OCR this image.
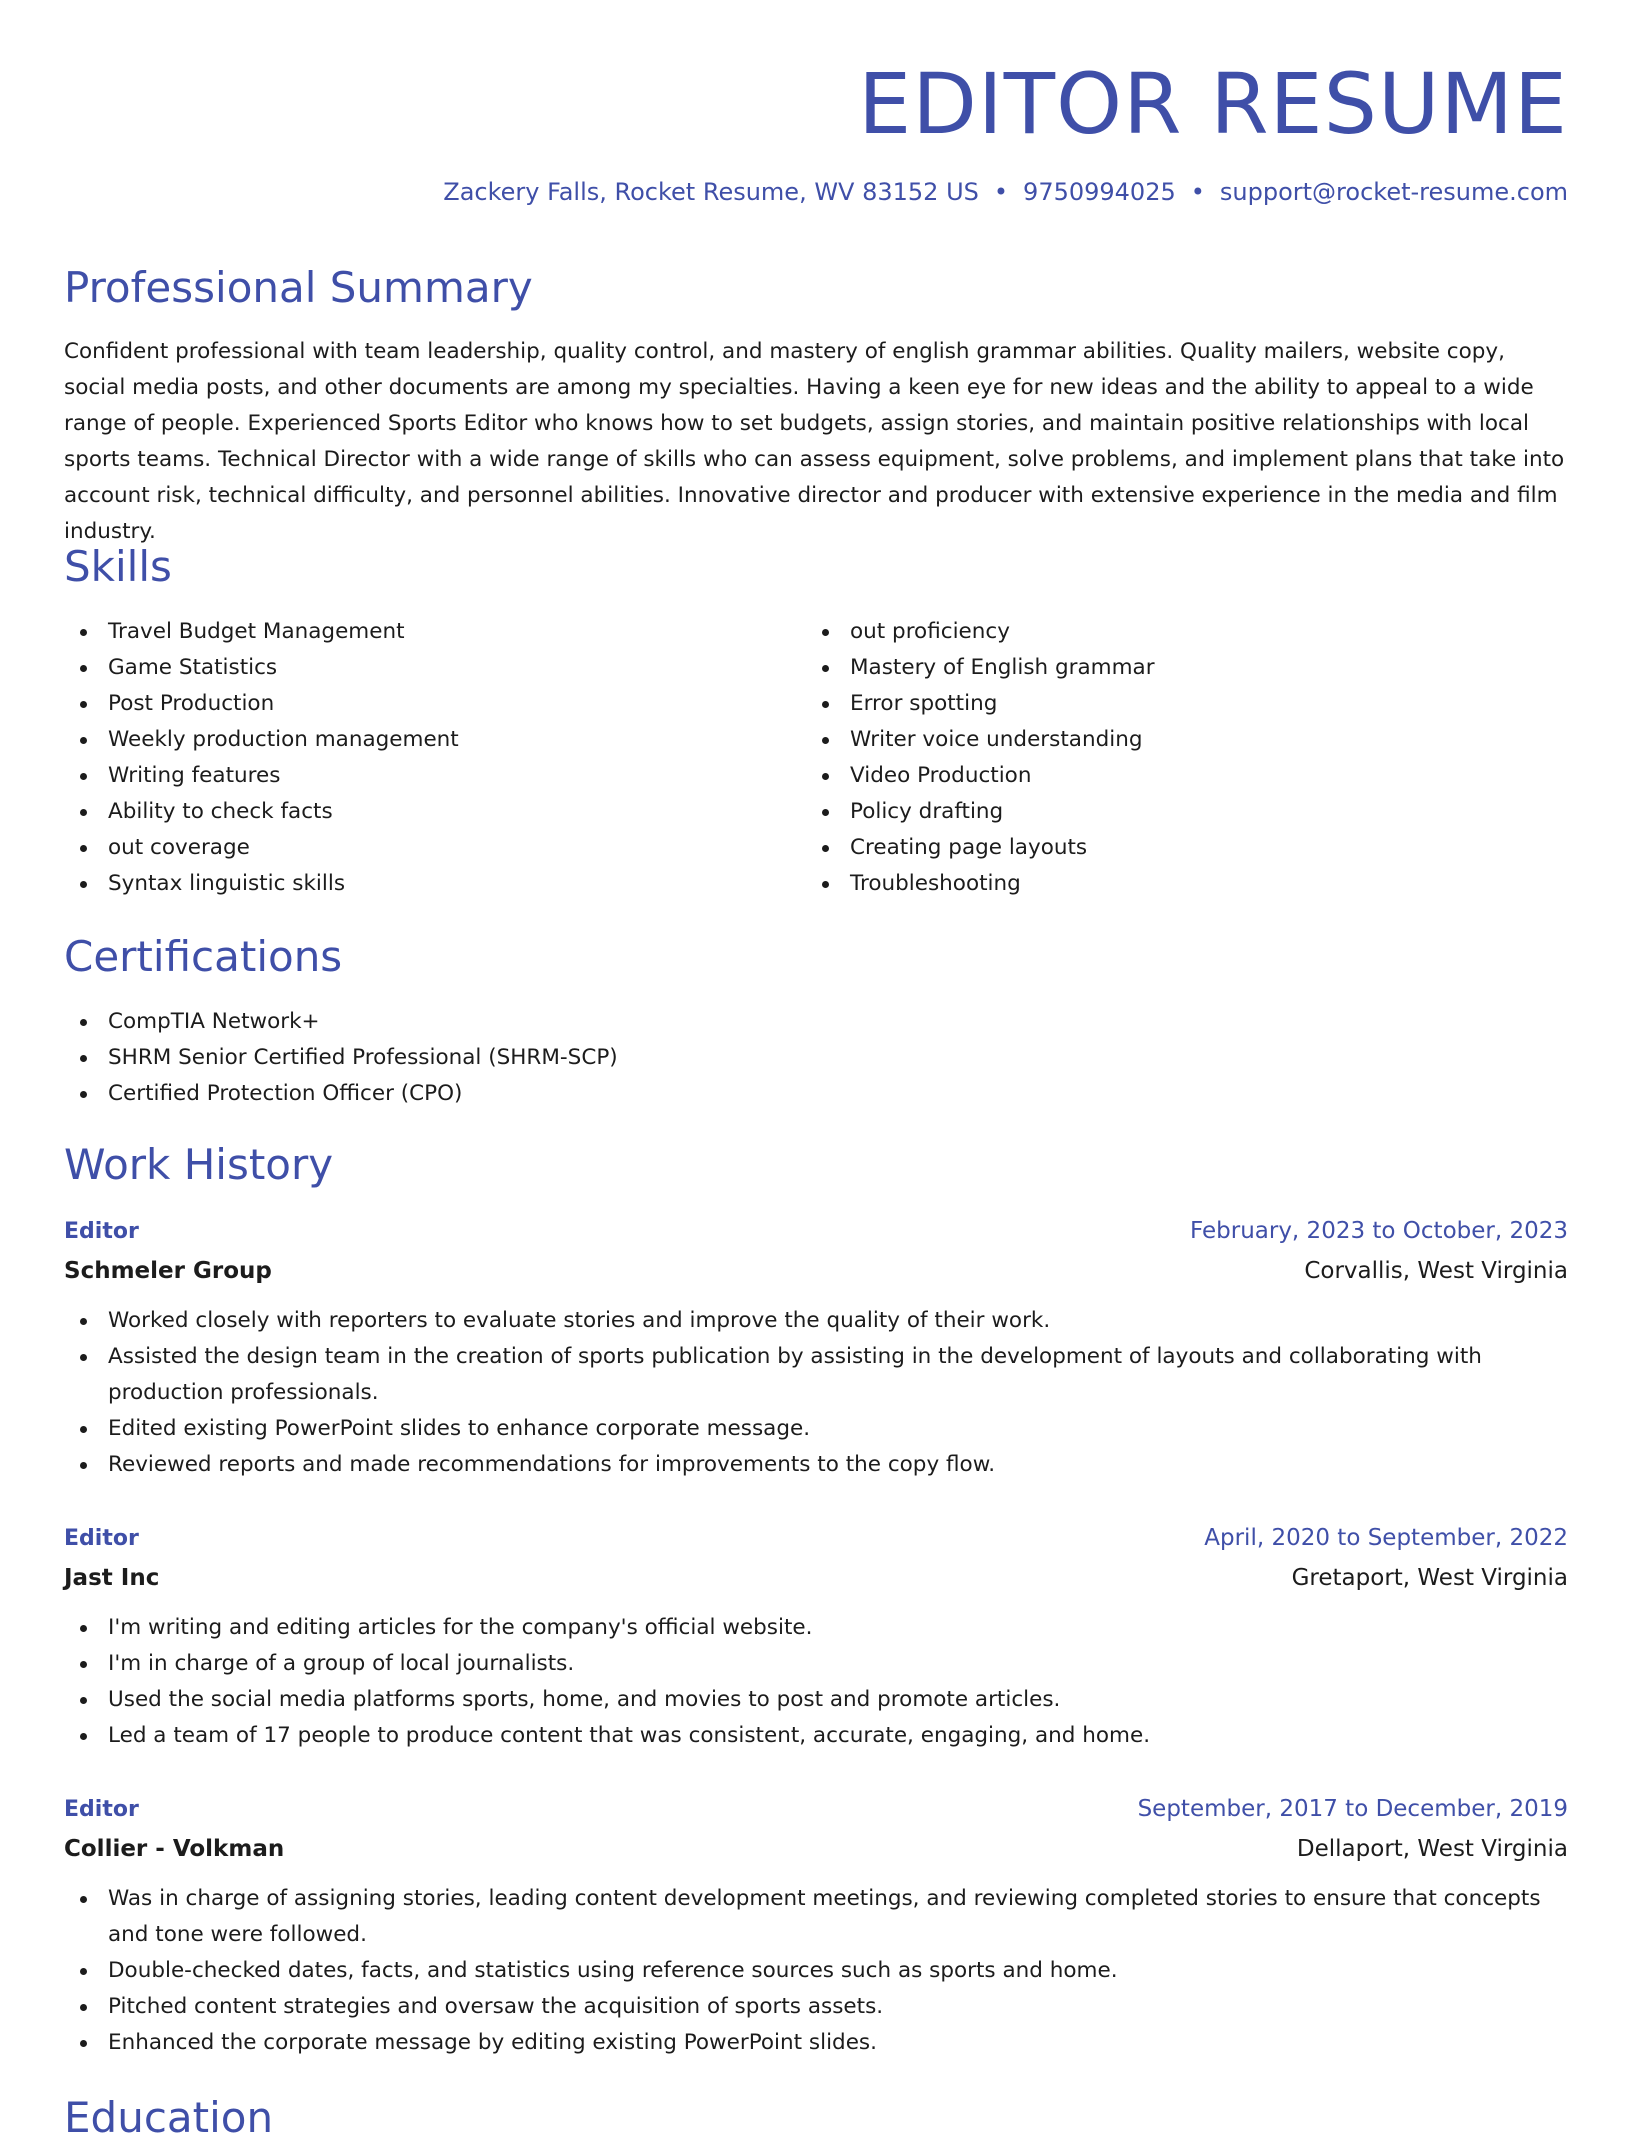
EDITOR RESUME
Zackery Falls, Rocket Resume, WV 83152 US • 9750994025 • support@rocket-resume.com
Professional Summary

Confident professional with team leadership, quality control, and mastery of english grammar abilities. Quality mailers, website copy, social media posts, and other documents are among my specialties. Having a keen eye for new ideas and the ability to appeal to a wide range of people. Experienced Sports Editor who knows how to set budgets, assign stories, and maintain positive relationships with local sports teams. Technical Director with a wide range of skills who can assess equipment, solve problems, and implement plans that take into account risk, technical difficulty, and personnel abilities. Innovative director and producer with extensive experience in the media and film industry.

Skills
Travel Budget Management
Game Statistics
Post Production
Weekly production management
Writing features
Ability to check facts
out coverage
Syntax linguistic skills
out proficiency
Mastery of English grammar
Error spotting
Writer voice understanding
Video Production
Policy drafting
Creating page layouts
Troubleshooting
Certifications
CompTIA Network+
SHRM Senior Certified Professional (SHRM-SCP)
Certified Protection Officer (CPO)
Work History
Editor	February, 2023 to October, 2023
Schmeler Group	Corvallis, West Virginia
Worked closely with reporters to evaluate stories and improve the quality of their work.
Assisted the design team in the creation of sports publication by assisting in the development of layouts and collaborating with production professionals.
Edited existing PowerPoint slides to enhance corporate message.
Reviewed reports and made recommendations for improvements to the copy flow.
Editor	April, 2020 to September, 2022
Jast Inc	Gretaport, West Virginia
I'm writing and editing articles for the company's official website.
I'm in charge of a group of local journalists.
Used the social media platforms sports, home, and movies to post and promote articles.
Led a team of 17 people to produce content that was consistent, accurate, engaging, and home.
Editor	September, 2017 to December, 2019
Collier - Volkman	Dellaport, West Virginia
Was in charge of assigning stories, leading content development meetings, and reviewing completed stories to ensure that concepts and tone were followed.
Double-checked dates, facts, and statistics using reference sources such as sports and home.
Pitched content strategies and oversaw the acquisition of sports assets.
Enhanced the corporate message by editing existing PowerPoint slides.
Education
